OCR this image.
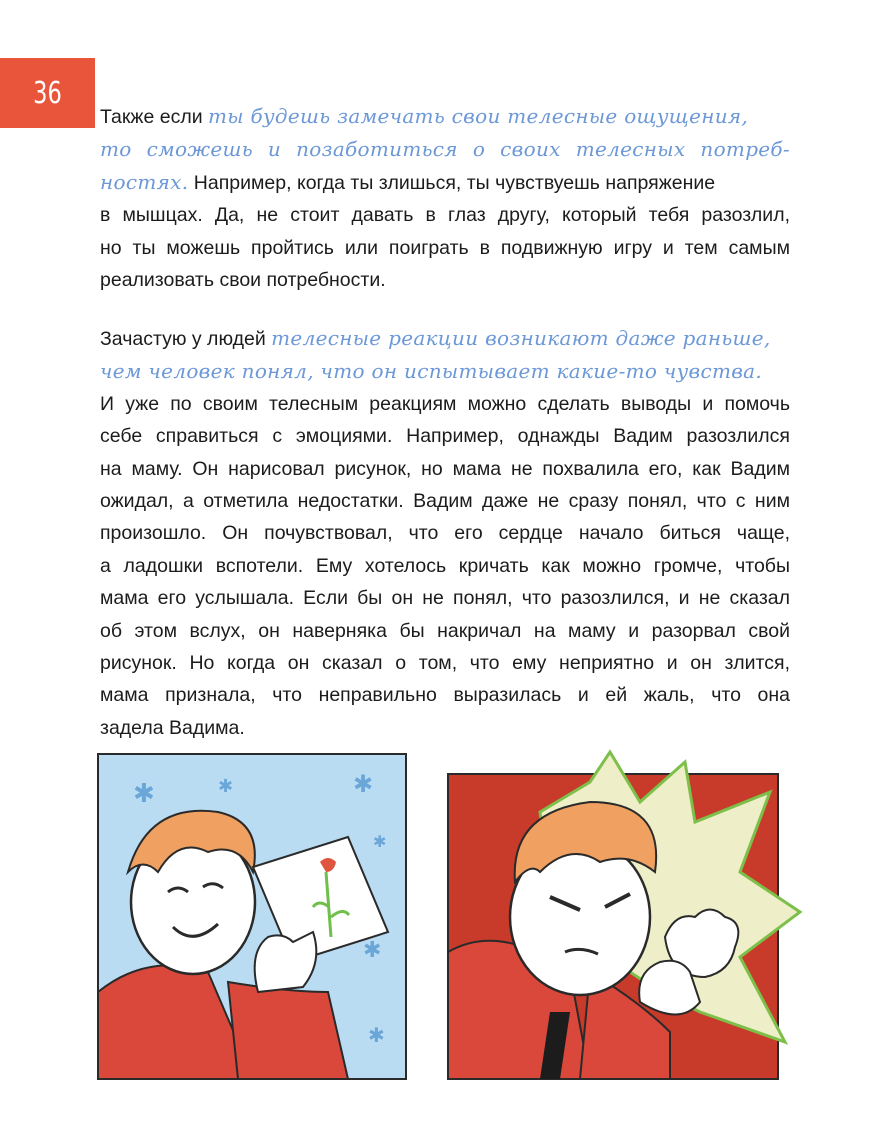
36
Также если ты будешь замечать свои телесные ощущения,
то сможешь и позаботиться о своих телесных потреб-
ностях. Например, когда ты злишься, ты чувствуешь напряжение
в мышцах. Да, не стоит давать в глаз другу, который тебя разозлил,
но ты можешь пройтись или поиграть в подвижную игру и тем самым
реализовать свои потребности.
Зачастую у людей телесные реакции возникают даже раньше,
чем человек понял, что он испытывает какие-то чувства.
И уже по своим телесным реакциям можно сделать выводы и помочь
себе справиться с эмоциями. Например, однажды Вадим разозлился
на маму. Он нарисовал рисунок, но мама не похвалила его, как Вадим
ожидал, а отметила недостатки. Вадим даже не сразу понял, что с ним
произошло. Он почувствовал, что его сердце начало биться чаще,
а ладошки вспотели. Ему хотелось кричать как можно громче, чтобы
мама его услышала. Если бы он не понял, что разозлился, и не сказал
об этом вслух, он наверняка бы накричал на маму и разорвал свой
рисунок. Но когда он сказал о том, что ему неприятно и он злится,
мама признала, что неправильно выразилась и ей жаль, что она
задела Вадима.
✱	✱	✱
✱
✱
✱
